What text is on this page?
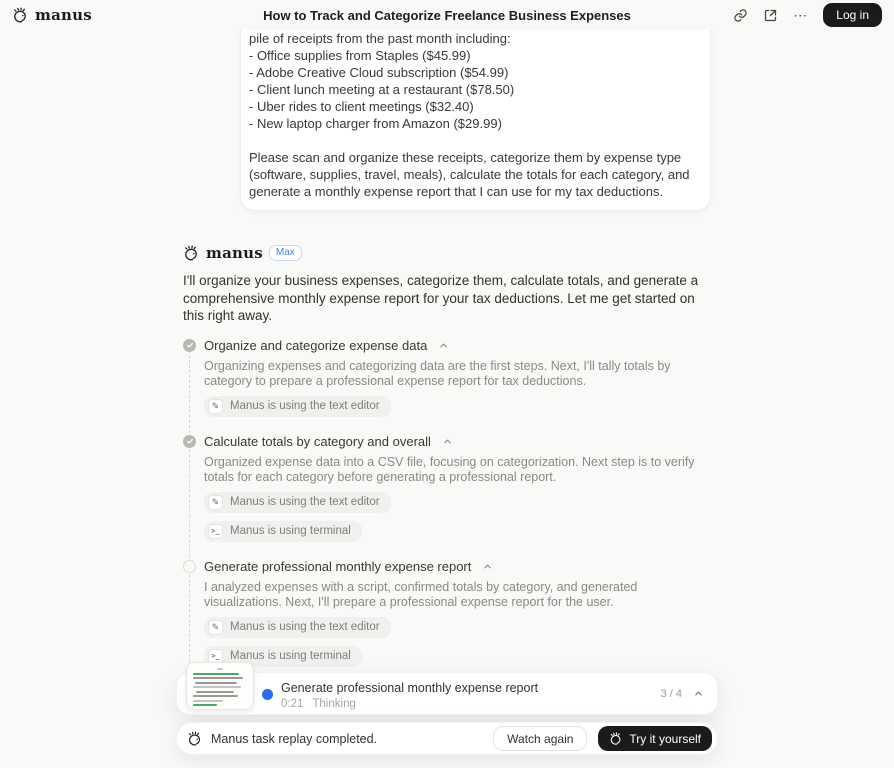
manus	How to Track and Categorize Freelance Business Expenses	⋯	Log in
pile of receipts from the past month including:
- Office supplies from Staples ($45.99)
- Adobe Creative Cloud subscription ($54.99)
- Client lunch meeting at a restaurant ($78.50)
- Uber rides to client meetings ($32.40)
- New laptop charger from Amazon ($29.99)
Please scan and organize these receipts, categorize them by expense type (software, supplies, travel, meals), calculate the totals for each category, and generate a monthly expense report that I can use for my tax deductions.
manus	Max
I'll organize your business expenses, categorize them, calculate totals, and generate a comprehensive monthly expense report for your tax deductions. Let me get started on this right away.
Organize and categorize expense data
Organizing expenses and categorizing data are the first steps. Next, I'll tally totals by category to prepare a professional expense report for tax deductions.
✎ Manus is using the text editor
Calculate totals by category and overall
Organized expense data into a CSV file, focusing on categorization. Next step is to verify totals for each category before generating a professional report.
✎ Manus is using the text editor
>_ Manus is using terminal
Generate professional monthly expense report
I analyzed expenses with a script, confirmed totals by category, and generated visualizations. Next, I'll prepare a professional expense report for the user.
✎ Manus is using the text editor
>_ Manus is using terminal
Generate professional monthly expense report
0:21 Thinking
3 / 4
Manus task replay completed.	Watch again	Try it yourself
